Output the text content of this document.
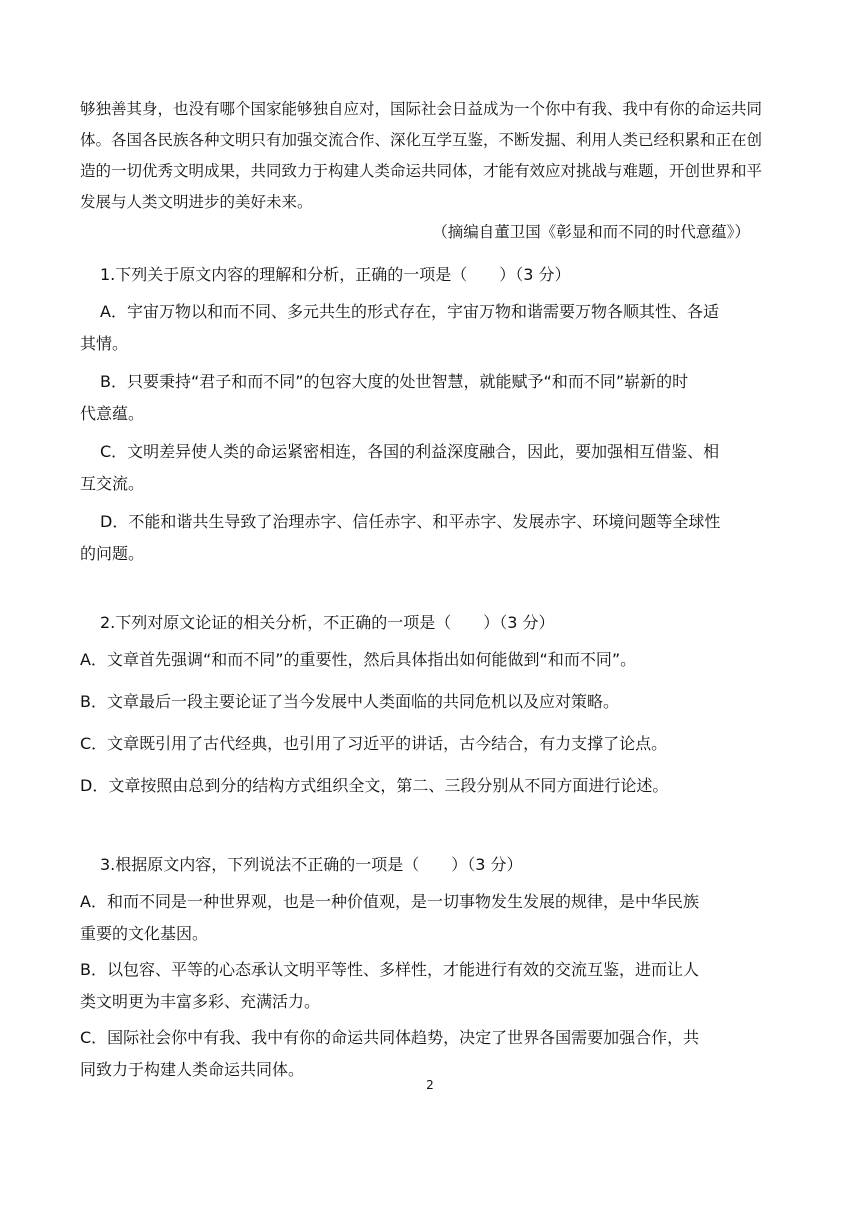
够独善其身，也没有哪个国家能够独自应对，国际社会日益成为一个你中有我、我中有你的命运共同
体。各国各民族各种文明只有加强交流合作、深化互学互鉴，不断发掘、利用人类已经积累和正在创
造的一切优秀文明成果，共同致力于构建人类命运共同体，才能有效应对挑战与难题，开创世界和平
发展与人类文明进步的美好未来。
（摘编自董卫国《彰显和而不同的时代意蕴》）
1.下列关于原文内容的理解和分析，正确的一项是（　　）（3 分）
A．宇宙万物以和而不同、多元共生的形式存在，宇宙万物和谐需要万物各顺其性、各适
其情。
B．只要秉持“君子和而不同”的包容大度的处世智慧，就能赋予“和而不同”崭新的时
代意蕴。
C．文明差异使人类的命运紧密相连，各国的利益深度融合，因此，要加强相互借鉴、相
互交流。
D．不能和谐共生导致了治理赤字、信任赤字、和平赤字、发展赤字、环境问题等全球性
的问题。
2.下列对原文论证的相关分析，不正确的一项是（　　）（3 分）
A．文章首先强调“和而不同”的重要性，然后具体指出如何能做到“和而不同”。
B．文章最后一段主要论证了当今发展中人类面临的共同危机以及应对策略。
C．文章既引用了古代经典，也引用了习近平的讲话，古今结合，有力支撑了论点。
D．文章按照由总到分的结构方式组织全文，第二、三段分别从不同方面进行论述。
3.根据原文内容，下列说法不正确的一项是（　　）（3 分）
A．和而不同是一种世界观，也是一种价值观，是一切事物发生发展的规律，是中华民族
重要的文化基因。
B．以包容、平等的心态承认文明平等性、多样性，才能进行有效的交流互鉴，进而让人
类文明更为丰富多彩、充满活力。
C．国际社会你中有我、我中有你的命运共同体趋势，决定了世界各国需要加强合作，共
同致力于构建人类命运共同体。
2
